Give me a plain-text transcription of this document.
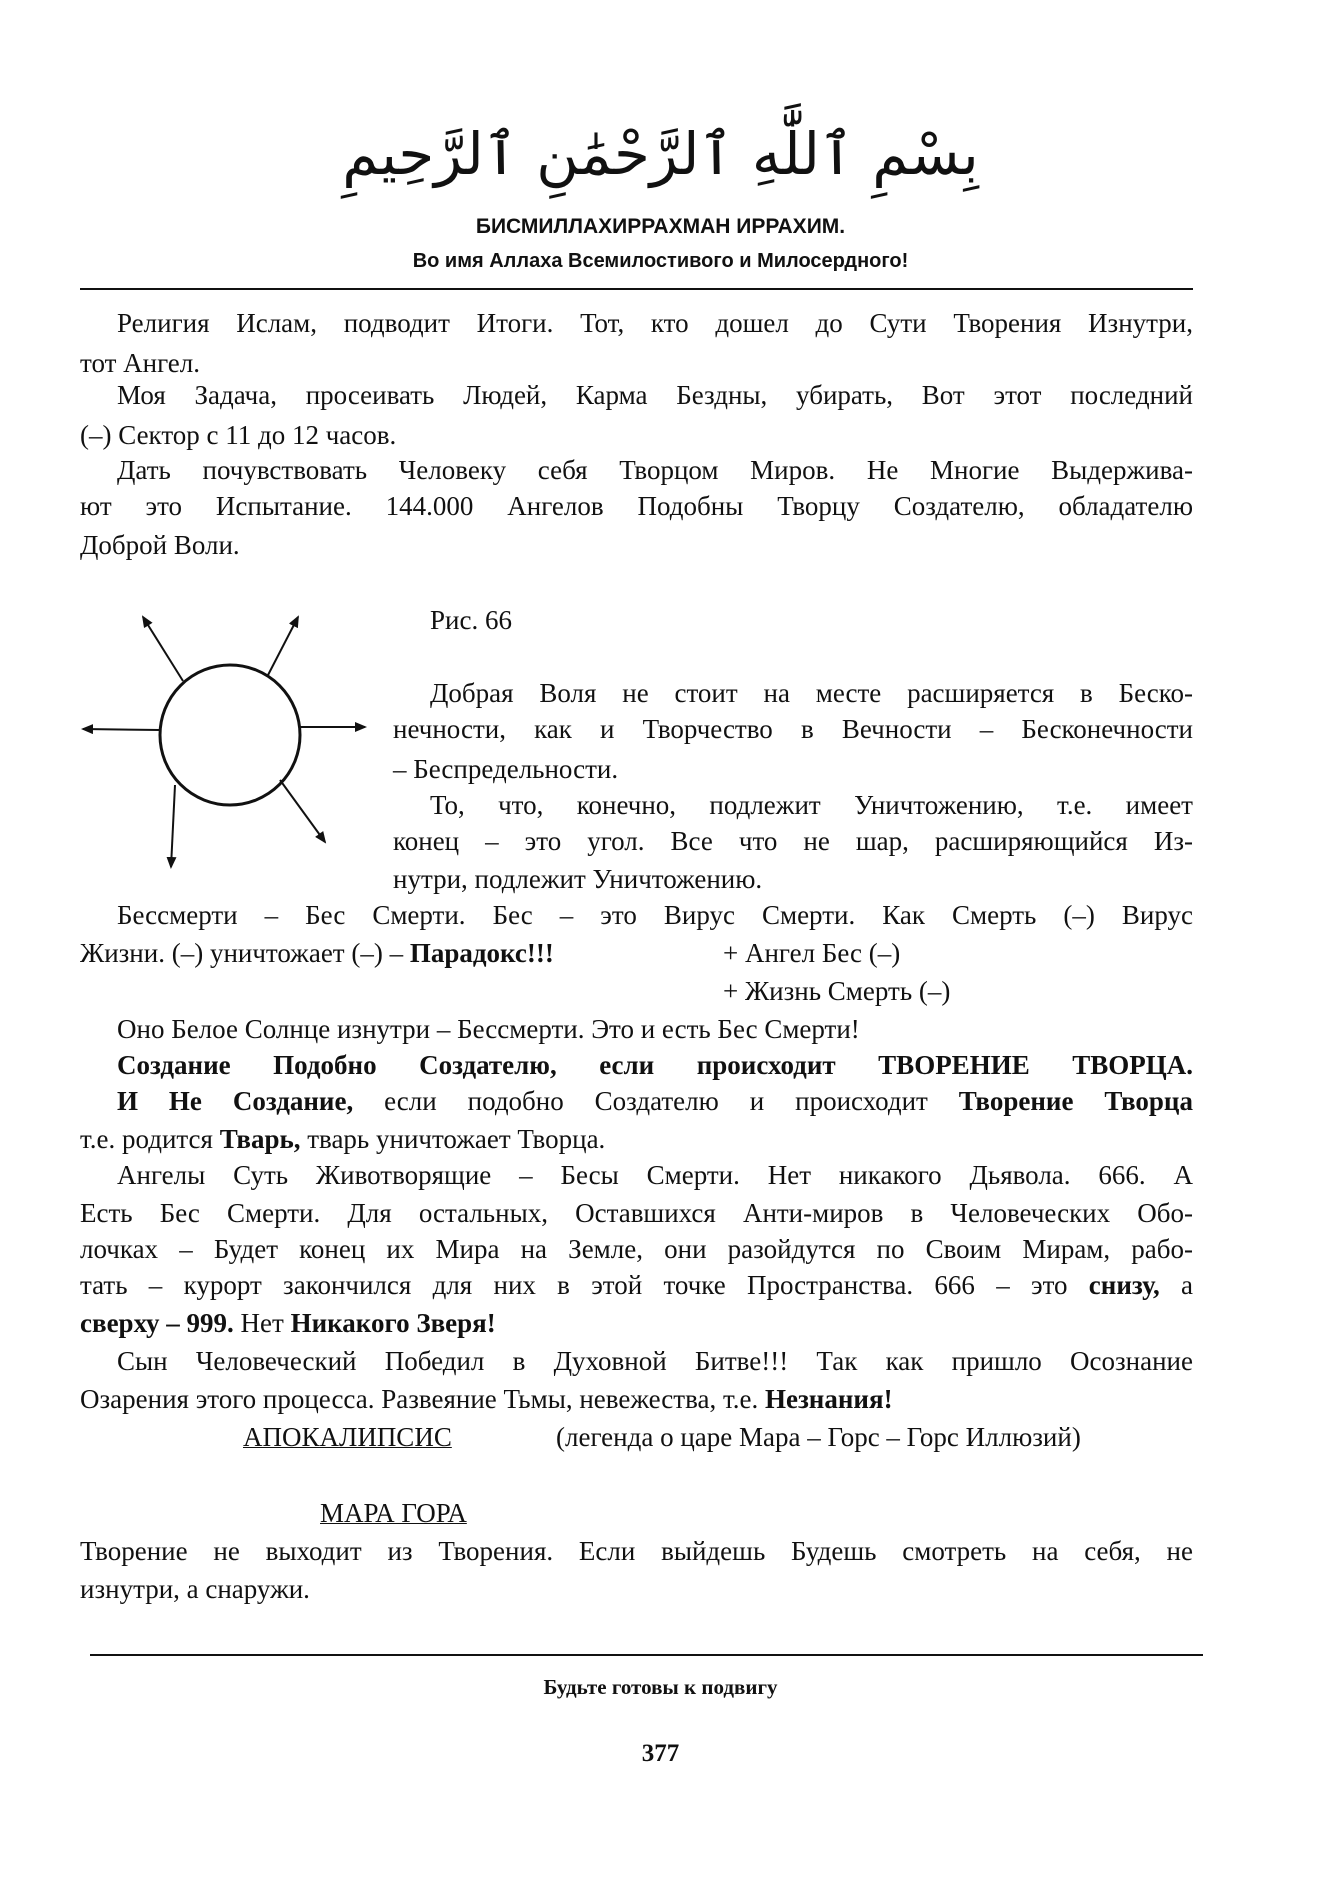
بِسْمِ ٱللَّٰهِ ٱلرَّحْمَٰنِ ٱلرَّحِيمِ
БИСМИЛЛАХИРРАХМАН ИРРАХИМ.
Во имя Аллаха Всемилостивого и Милосердного!
Религия Ислам, подводит Итоги. Тот, кто дошел до Сути Творения Изнутри,
тот Ангел.
Моя Задача, просеивать Людей, Карма Бездны, убирать, Вот этот последний
(–) Сектор с 11 до 12 часов.
Дать почувствовать Человеку себя Творцом Миров. Не Многие Выдержива-
ют это Испытание. 144.000 Ангелов Подобны Творцу Создателю, обладателю
Доброй Воли.
Рис. 66
Добрая Воля не стоит на месте расширяется в Беско-
нечности, как и Творчество в Вечности – Бесконечности
– Беспредельности.
То, что, конечно, подлежит Уничтожению, т.е. имеет
конец – это угол. Все что не шар, расширяющийся Из-
нутри, подлежит Уничтожению.
Бессмерти – Бес Смерти. Бес – это Вирус Смерти. Как Смерть (–) Вирус
Жизни. (–) уничтожает (–) – Парадокс!!!	+ Ангел Бес (–)
+ Жизнь Смерть (–)
Оно Белое Солнце изнутри – Бессмерти. Это и есть Бес Смерти!
Создание Подобно Создателю, если происходит ТВОРЕНИЕ ТВОРЦА.
И Не Создание, если подобно Создателю и происходит Творение Творца
т.е. родится Тварь, тварь уничтожает Творца.
Ангелы Суть Животворящие – Бесы Смерти. Нет никакого Дьявола. 666. А
Есть Бес Смерти. Для остальных, Оставшихся Анти-миров в Человеческих Обо-
лочках – Будет конец их Мира на Земле, они разойдутся по Своим Мирам, рабо-
тать – курорт закончился для них в этой точке Пространства. 666 – это снизу, а
сверху – 999. Нет Никакого Зверя!
Сын Человеческий Победил в Духовной Битве!!! Так как пришло Осознание
Озарения этого процесса. Развеяние Тьмы, невежества, т.е. Незнания!
АПОКАЛИПСИС	(легенда о царе Мара – Горс – Горс Иллюзий)
МАРА ГОРА
Творение не выходит из Творения. Если выйдешь Будешь смотреть на себя, не
изнутри, а снаружи.
Будьте готовы к подвигу
377
